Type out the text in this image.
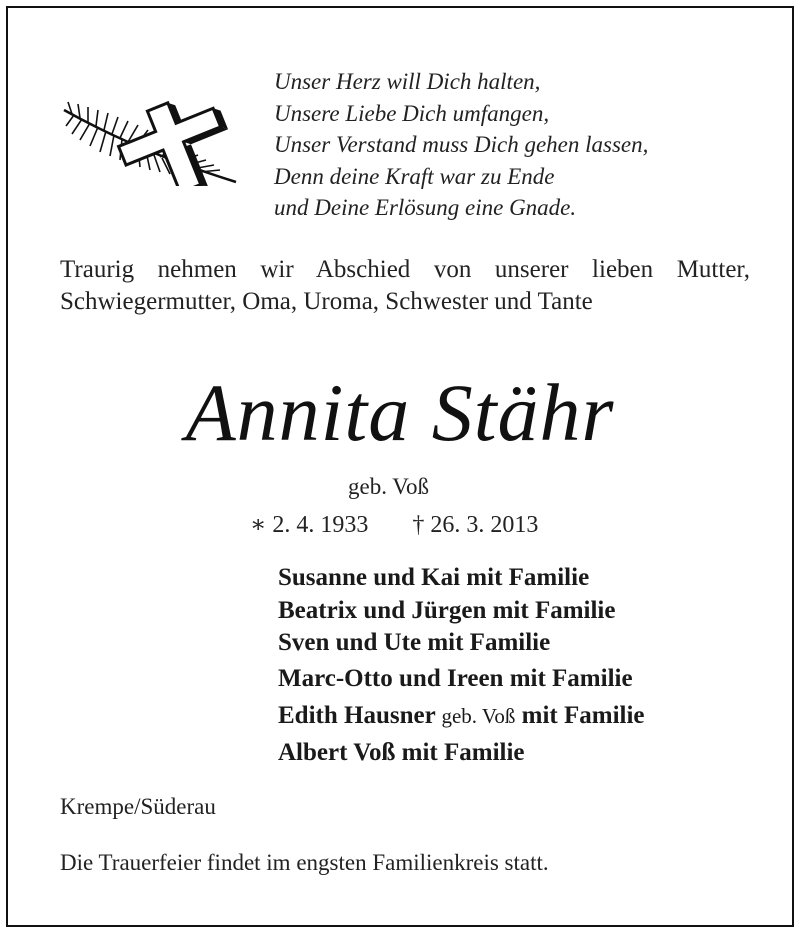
Unser Herz will Dich halten,
Unsere Liebe Dich umfangen,
Unser Verstand muss Dich gehen lassen,
Denn deine Kraft war zu Ende
und Deine Erlösung eine Gnade.
Traurig nehmen wir Abschied von unserer lieben Mutter, Schwiegermutter, Oma, Uroma, Schwester und Tante
Annita Stähr
geb. Voß
∗ 2. 4. 1933 † 26. 3. 2013
Susanne und Kai mit Familie
Beatrix und Jürgen mit Familie
Sven und Ute mit Familie
Marc-Otto und Ireen mit Familie
Edith Hausner geb. Voß mit Familie
Albert Voß mit Familie
Krempe/Süderau
Die Trauerfeier findet im engsten Familienkreis statt.
